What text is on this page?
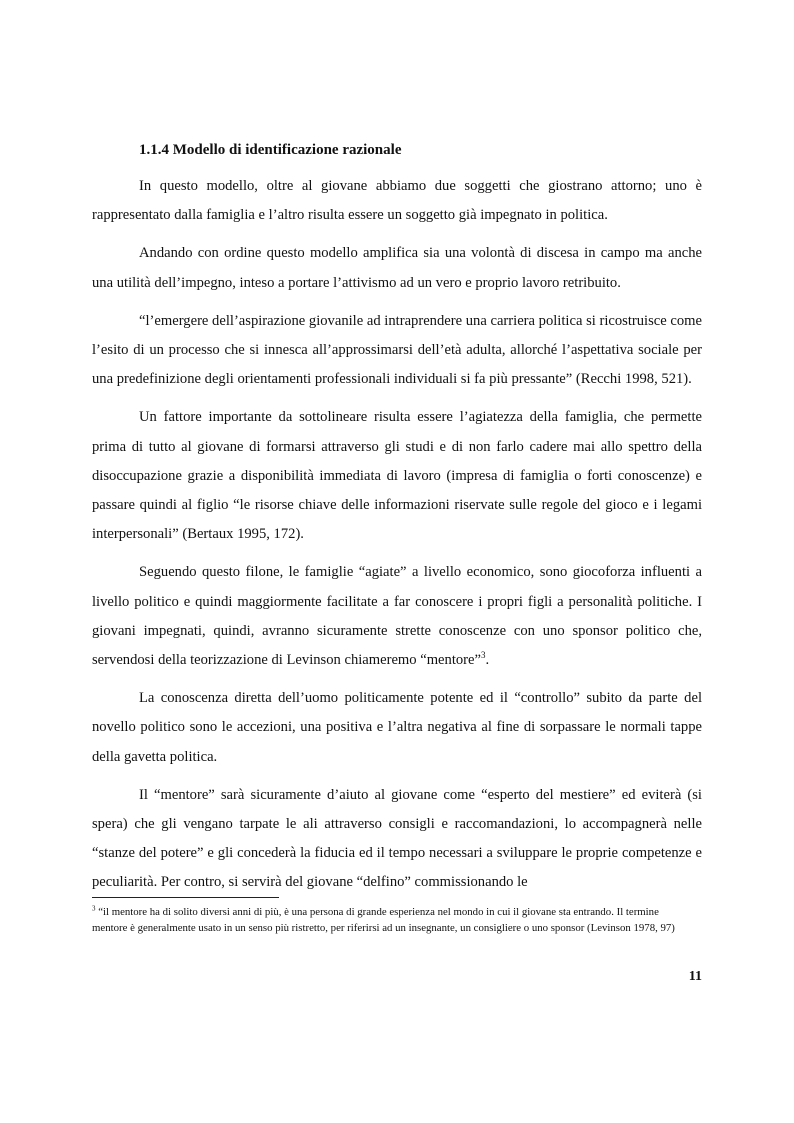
1.1.4 Modello di identificazione razionale

In questo modello, oltre al giovane abbiamo due soggetti che giostrano attorno; uno è rappresentato dalla famiglia e l’altro risulta essere un soggetto già impegnato in politica.

Andando con ordine questo modello amplifica sia una volontà di discesa in campo ma anche una utilità dell’impegno, inteso a portare l’attivismo ad un vero e proprio lavoro retribuito.

“l’emergere dell’aspirazione giovanile ad intraprendere una carriera politica si ricostruisce come l’esito di un processo che si innesca all’approssimarsi dell’età adulta, allorché l’aspettativa sociale per una predefinizione degli orientamenti professionali individuali si fa più pressante” (Recchi 1998, 521).

Un fattore importante da sottolineare risulta essere l’agiatezza della famiglia, che permette prima di tutto al giovane di formarsi attraverso gli studi e di non farlo cadere mai allo spettro della disoccupazione grazie a disponibilità immediata di lavoro (impresa di famiglia o forti conoscenze) e passare quindi al figlio “le risorse chiave delle informazioni riservate sulle regole del gioco e i legami interpersonali” (Bertaux 1995, 172).

Seguendo questo filone, le famiglie “agiate” a livello economico, sono giocoforza influenti a livello politico e quindi maggiormente facilitate a far conoscere i propri figli a personalità politiche. I giovani impegnati, quindi, avranno sicuramente strette conoscenze con uno sponsor politico che, servendosi della teorizzazione di Levinson chiameremo “mentore”$^3$.

La conoscenza diretta dell’uomo politicamente potente ed il “controllo” subito da parte del novello politico sono le accezioni, una positiva e l’altra negativa al fine di sorpassare le normali tappe della gavetta politica.

Il “mentore” sarà sicuramente d’aiuto al giovane come “esperto del mestiere” ed eviterà (si spera) che gli vengano tarpate le ali attraverso consigli e raccomandazioni, lo accompagnerà nelle “stanze del potere” e gli concederà la fiducia ed il tempo necessari a sviluppare le proprie competenze e peculiarità. Per contro, si servirà del giovane “delfino” commissionando le

$^3$ “il mentore ha di solito diversi anni di più, è una persona di grande esperienza nel mondo in cui il giovane sta entrando. Il termine mentore è generalmente usato in un senso più ristretto, per riferirsi ad un insegnante, un consigliere o uno sponsor (Levinson 1978, 97)
11
